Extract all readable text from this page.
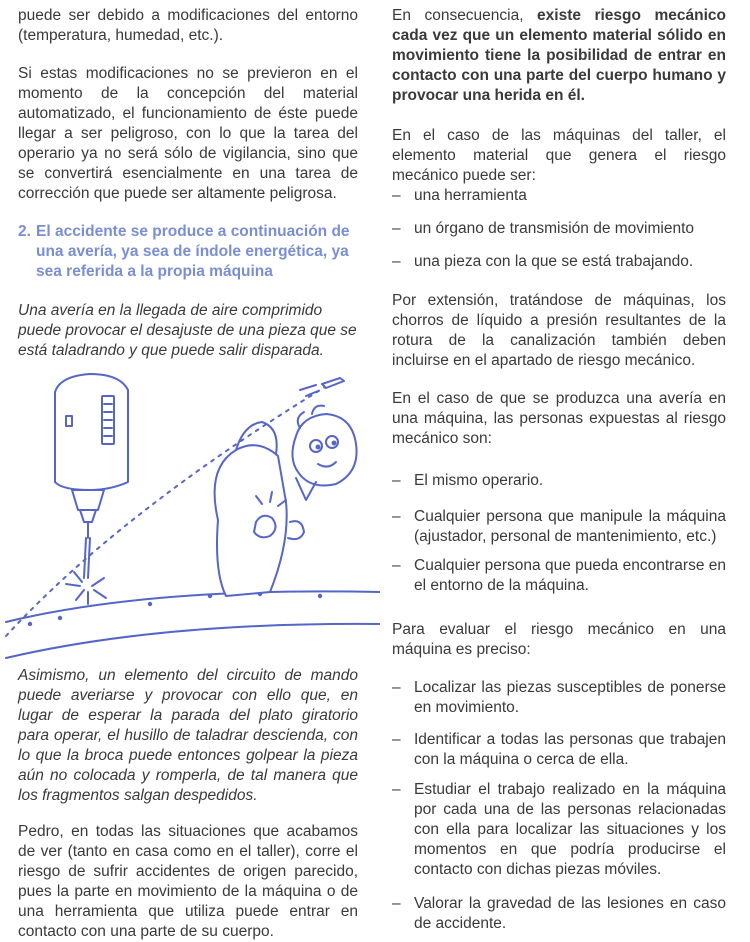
puede ser debido a modificaciones del entorno (temperatura, humedad, etc.).

Si estas modificaciones no se previeron en el momento de la concepción del material automatizado, el funcionamiento de éste puede llegar a ser peligroso, con lo que la tarea del operario ya no será sólo de vigilancia, sino que se convertirá esencialmente en una tarea de corrección que puede ser altamente peligrosa.

2. El accidente se produce a continuación de una avería, ya sea de índole energética, ya sea referida a la propia máquina

Una avería en la llegada de aire comprimido puede provocar el desajuste de una pieza que se está taladrando y que puede salir disparada.

Asimismo, un elemento del circuito de mando puede averiarse y provocar con ello que, en lugar de esperar la parada del plato giratorio para operar, el husillo de taladrar descienda, con lo que la broca puede entonces golpear la pieza aún no colocada y romperla, de tal manera que los fragmentos salgan despedidos.

Pedro, en todas las situaciones que acabamos de ver (tanto en casa como en el taller), corre el riesgo de sufrir accidentes de origen parecido, pues la parte en movimiento de la máquina o de una herramienta que utiliza puede entrar en contacto con una parte de su cuerpo.

En consecuencia, existe riesgo mecánico cada vez que un elemento material sólido en movimiento tiene la posibilidad de entrar en contacto con una parte del cuerpo humano y provocar una herida en él.

En el caso de las máquinas del taller, el elemento material que genera el riesgo mecánico puede ser:

– una herramienta
– un órgano de transmisión de movimiento
– una pieza con la que se está trabajando.

Por extensión, tratándose de máquinas, los chorros de líquido a presión resultantes de la rotura de la canalización también deben incluirse en el apartado de riesgo mecánico.

En el caso de que se produzca una avería en una máquina, las personas expuestas al riesgo mecánico son:

– El mismo operario.
– Cualquier persona que manipule la máquina (ajustador, personal de mantenimiento, etc.)
– Cualquier persona que pueda encontrarse en el entorno de la máquina.

Para evaluar el riesgo mecánico en una máquina es preciso:

– Localizar las piezas susceptibles de ponerse en movimiento.
– Identificar a todas las personas que trabajen con la máquina o cerca de ella.
– Estudiar el trabajo realizado en la máquina por cada una de las personas relacionadas con ella para localizar las situaciones y los momentos en que podría producirse el contacto con dichas piezas móviles.
– Valorar la gravedad de las lesiones en caso de accidente.
